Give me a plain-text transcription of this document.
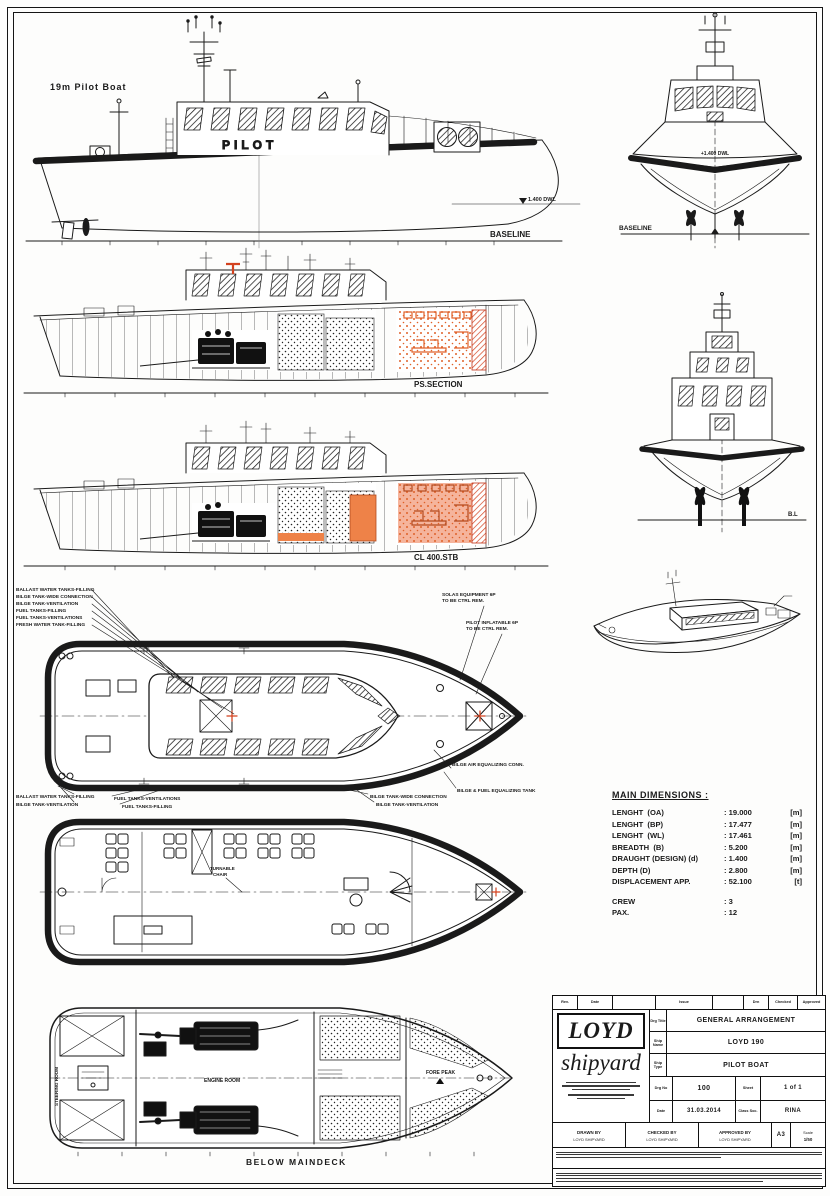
19m Pilot Boat
PILOT
1.400 DWL
BASELINE
+1.400 DWL
BASELINE
PS.SECTION
CL 400.STB
B.L
BALLAST WATER TANKS-FILLING
BILGE TANK-WIDE CONNECTION
BILGE TANK-VENTILATION
FUEL TANKS-FILLING
FUEL TANKS-VENTILATIONS
FRESH WATER TANK-FILLING
SOLAS EQUIPMENT 6P
TO BE CTRL REM.
PILOT INFLATABLE 6P
TO BE CTRL REM.
FUEL TANKS-VENTILATIONS
FUEL TANKS-FILLING
BILGE TANK-WIDE CONNECTION
BILGE TANK-VENTILATION
BALLAST WATER TANKS-FILLING
BILGE TANK-VENTILATION
BILGE AIR EQUALIZING CONN.
BILGE & FUEL EQUALIZING TANK
TURNABLE
CHAIR
STEERING ROOM	ENGINE ROOM
FORE PEAK
BELOW MAINDECK
MAIN DIMENSIONS :
LENGHT  (OA)	: 19.000	[m]
LENGHT  (BP)	: 17.477	[m]
LENGHT  (WL)	: 17.461	[m]
BREADTH  (B)	: 5.200	[m]
DRAUGHT (DESIGN) (d)	: 1.400	[m]
DEPTH (D)	: 2.800	[m]
DISPLACEMENT APP.	: 52.100	[t]
CREW	: 3
PAX.	: 12
Rev.	Date	Issue	Drn	Checked	Approved
LOYD
shipyard
Drg Title	GENERAL ARRANGEMENT
Ship Name	LOYD 190
Ship Type	PILOT BOAT
Drg No	100	Sheet	1 of 1
Date	31.03.2014	Class Soc.	RINA
DRAWN BY
LOYD SHIPYARD
CHECKED BY
LOYD SHIPYARD
APPROVED BY
LOYD SHIPYARD
A3	Scale
1/50
